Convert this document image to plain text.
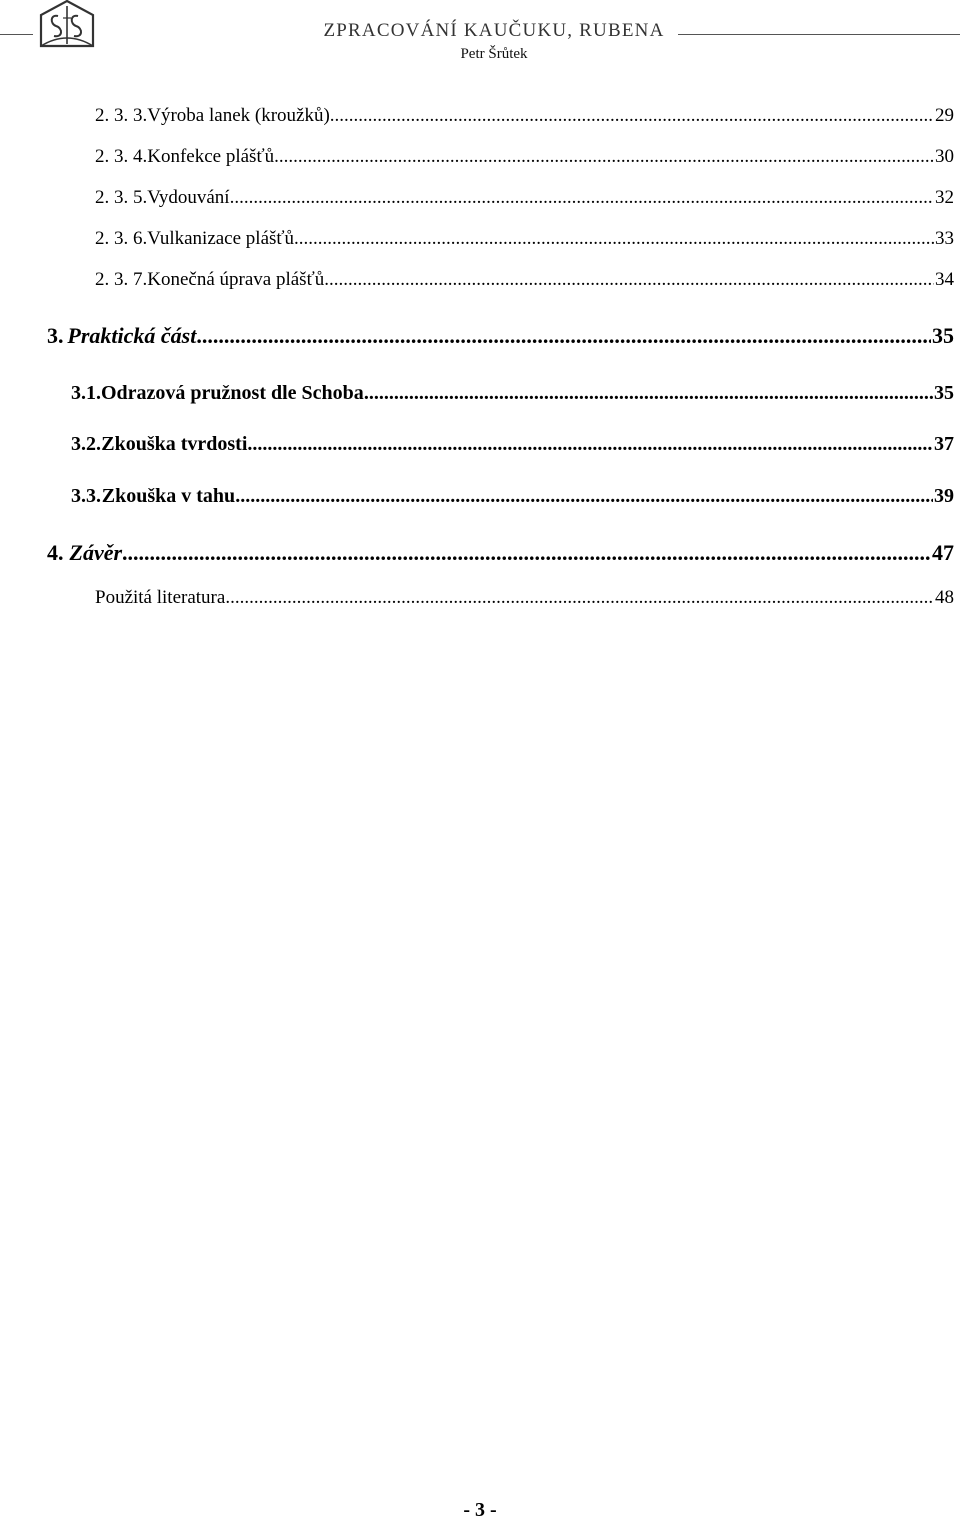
ZPRACOVÁNÍ KAUČUKU, RUBENA
Petr Šrůtek
2. 3. 3. Výroba lanek (kroužků) .....	29
2. 3. 4. Konfekce plášťů .....	30
2. 3. 5. Vydouvání .....	32
2. 3. 6. Vulkanizace plášťů .....	33
2. 3. 7. Konečná úprava plášťů .....	34
3. Praktická část .....	35
3.1. Odrazová pružnost dle Schoba .....	35
3.2. Zkouška tvrdosti .....	37
3.3. Zkouška v tahu .....	39
4. Závěr .....	47
Použitá literatura .....	48
- 3 -
